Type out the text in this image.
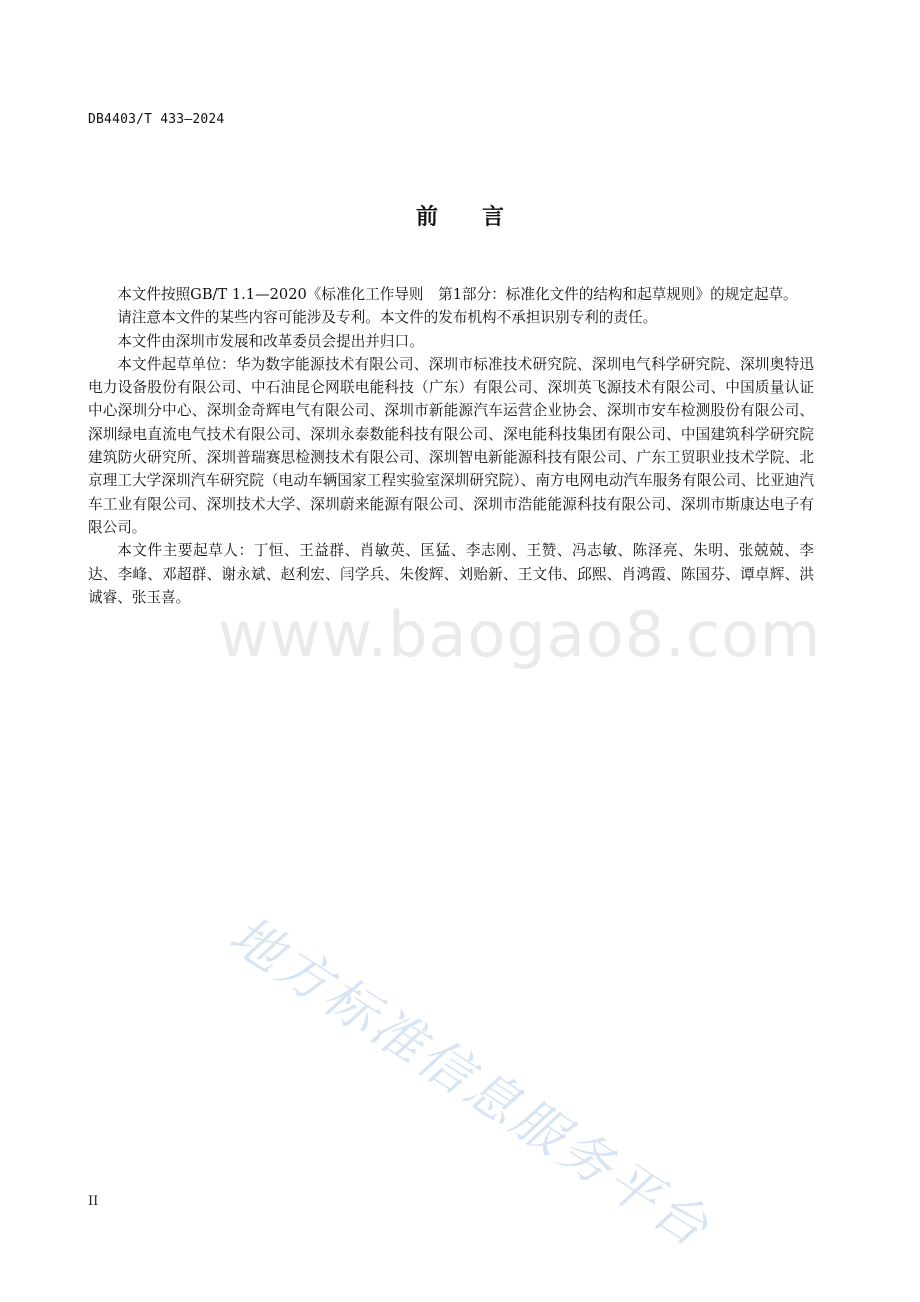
DB4403/T 433—2024
前言

本文件按照GB/T 1.1—2020《标准化工作导则　第1部分：标准化文件的结构和起草规则》的规定起草。

请注意本文件的某些内容可能涉及专利。本文件的发布机构不承担识别专利的责任。

本文件由深圳市发展和改革委员会提出并归口。

本文件起草单位：华为数字能源技术有限公司、深圳市标准技术研究院、深圳电气科学研究院、深圳奥特迅电力设备股份有限公司、中石油昆仑网联电能科技（广东）有限公司、深圳英飞源技术有限公司、中国质量认证中心深圳分中心、深圳金奇辉电气有限公司、深圳市新能源汽车运营企业协会、深圳市安车检测股份有限公司、深圳绿电直流电气技术有限公司、深圳永泰数能科技有限公司、深电能科技集团有限公司、中国建筑科学研究院建筑防火研究所、深圳普瑞赛思检测技术有限公司、深圳智电新能源科技有限公司、广东工贸职业技术学院、北京理工大学深圳汽车研究院（电动车辆国家工程实验室深圳研究院）、南方电网电动汽车服务有限公司、比亚迪汽车工业有限公司、深圳技术大学、深圳蔚来能源有限公司、深圳市浩能能源科技有限公司、深圳市斯康达电子有限公司。

本文件主要起草人：丁恒、王益群、肖敏英、匡猛、李志刚、王赞、冯志敏、陈泽亮、朱明、张兢兢、李达、李峰、邓超群、谢永斌、赵利宏、闫学兵、朱俊辉、刘贻新、王文伟、邱熙、肖鸿霞、陈国芬、谭卓辉、洪诚睿、张玉喜。

www.baogao8.com
地方标准信息服务平台
II
